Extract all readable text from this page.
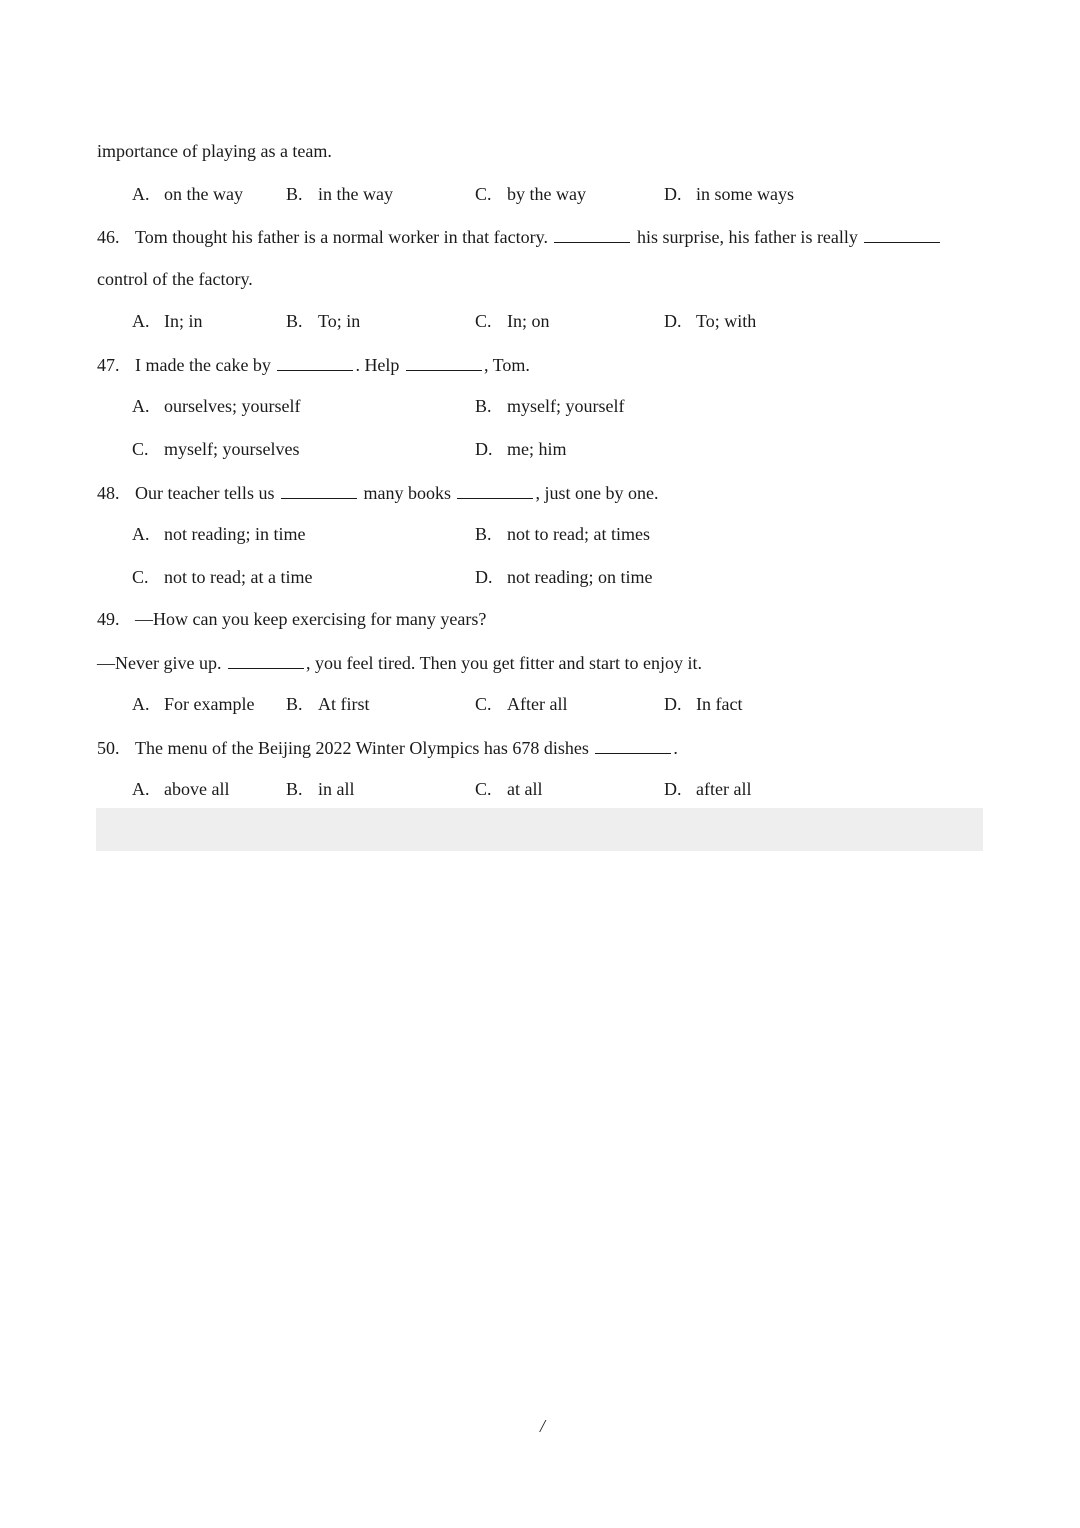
importance of playing as a team.
A. on the way B. in the way	C. by the way	D. in some ways
46. Tom thought his father is a normal worker in that factory.	his surprise, his father is really
control of the factory.
A. In; in	B. To; in	C. In; on	D. To; with
47. I made the cake by	. Help	, Tom.
A. ourselves; yourself	B. myself; yourself
C. myself; yourselves	D. me; him
48. Our teacher tells us	many books	, just one by one.
A. not reading; in time	B. not to read; at times
C. not to read; at a time	D. not reading; on time
49. —How can you keep exercising for many years?
—Never give up.	, you feel tired. Then you get fitter and start to enjoy it.
A. For example B. At first	C. After all	D. In fact
50. The menu of the Beijing 2022 Winter Olympics has 678 dishes	.
A. above all	B. in all	C. at all	D. after all
/
